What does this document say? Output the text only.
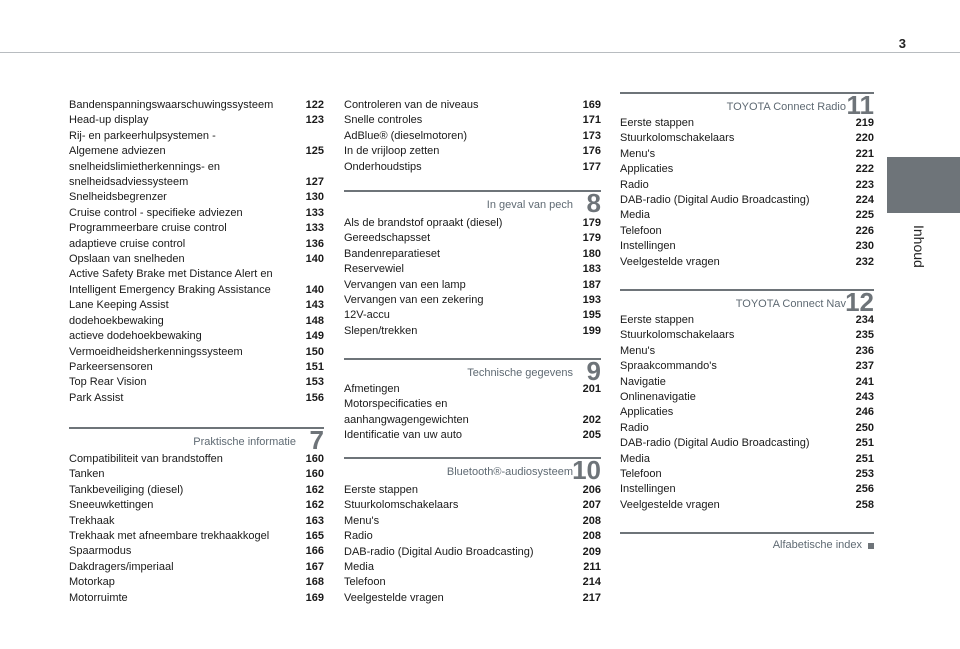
3
Inhoud
Bandenspanningswaarschuwingssysteem	122
Head-up display	123
Rij- en parkeerhulpsystemen -
Algemene adviezen	125
snelheidslimietherkennings- en
snelheidsadviessysteem	127
Snelheidsbegrenzer	130
Cruise control - specifieke adviezen	133
Programmeerbare cruise control	133
adaptieve cruise control	136
Opslaan van snelheden	140
Active Safety Brake met Distance Alert en
Intelligent Emergency Braking Assistance	140
Lane Keeping Assist	143
dodehoekbewaking	148
actieve dodehoekbewaking	149
Vermoeidheidsherkenningssysteem	150
Parkeersensoren	151
Top Rear Vision	153
Park Assist	156
Praktische informatie 7
Compatibiliteit van brandstoffen	160
Tanken	160
Tankbeveiliging (diesel)	162
Sneeuwkettingen	162
Trekhaak	163
Trekhaak met afneembare trekhaakkogel	165
Spaarmodus	166
Dakdragers/imperiaal	167
Motorkap	168
Motorruimte	169
Controleren van de niveaus	169
Snelle controles	171
AdBlue® (dieselmotoren)	173
In de vrijloop zetten	176
Onderhoudstips	177
In geval van pech 8
Als de brandstof opraakt (diesel)	179
Gereedschapsset	179
Bandenreparatieset	180
Reservewiel	183
Vervangen van een lamp	187
Vervangen van een zekering	193
12V-accu	195
Slepen/trekken	199
Technische gegevens 9
Afmetingen	201
Motorspecificaties en
aanhangwagengewichten	202
Identificatie van uw auto	205
Bluetooth®-audiosysteem 10
Eerste stappen	206
Stuurkolomschakelaars	207
Menu's	208
Radio	208
DAB-radio (Digital Audio Broadcasting)	209
Media	211
Telefoon	214
Veelgestelde vragen	217
TOYOTA Connect Radio 11
Eerste stappen	219
Stuurkolomschakelaars	220
Menu's	221
Applicaties	222
Radio	223
DAB-radio (Digital Audio Broadcasting)	224
Media	225
Telefoon	226
Instellingen	230
Veelgestelde vragen	232
TOYOTA Connect Nav 12
Eerste stappen	234
Stuurkolomschakelaars	235
Menu's	236
Spraakcommando's	237
Navigatie	241
Onlinenavigatie	243
Applicaties	246
Radio	250
DAB-radio (Digital Audio Broadcasting)	251
Media	251
Telefoon	253
Instellingen	256
Veelgestelde vragen	258
Alfabetische index
